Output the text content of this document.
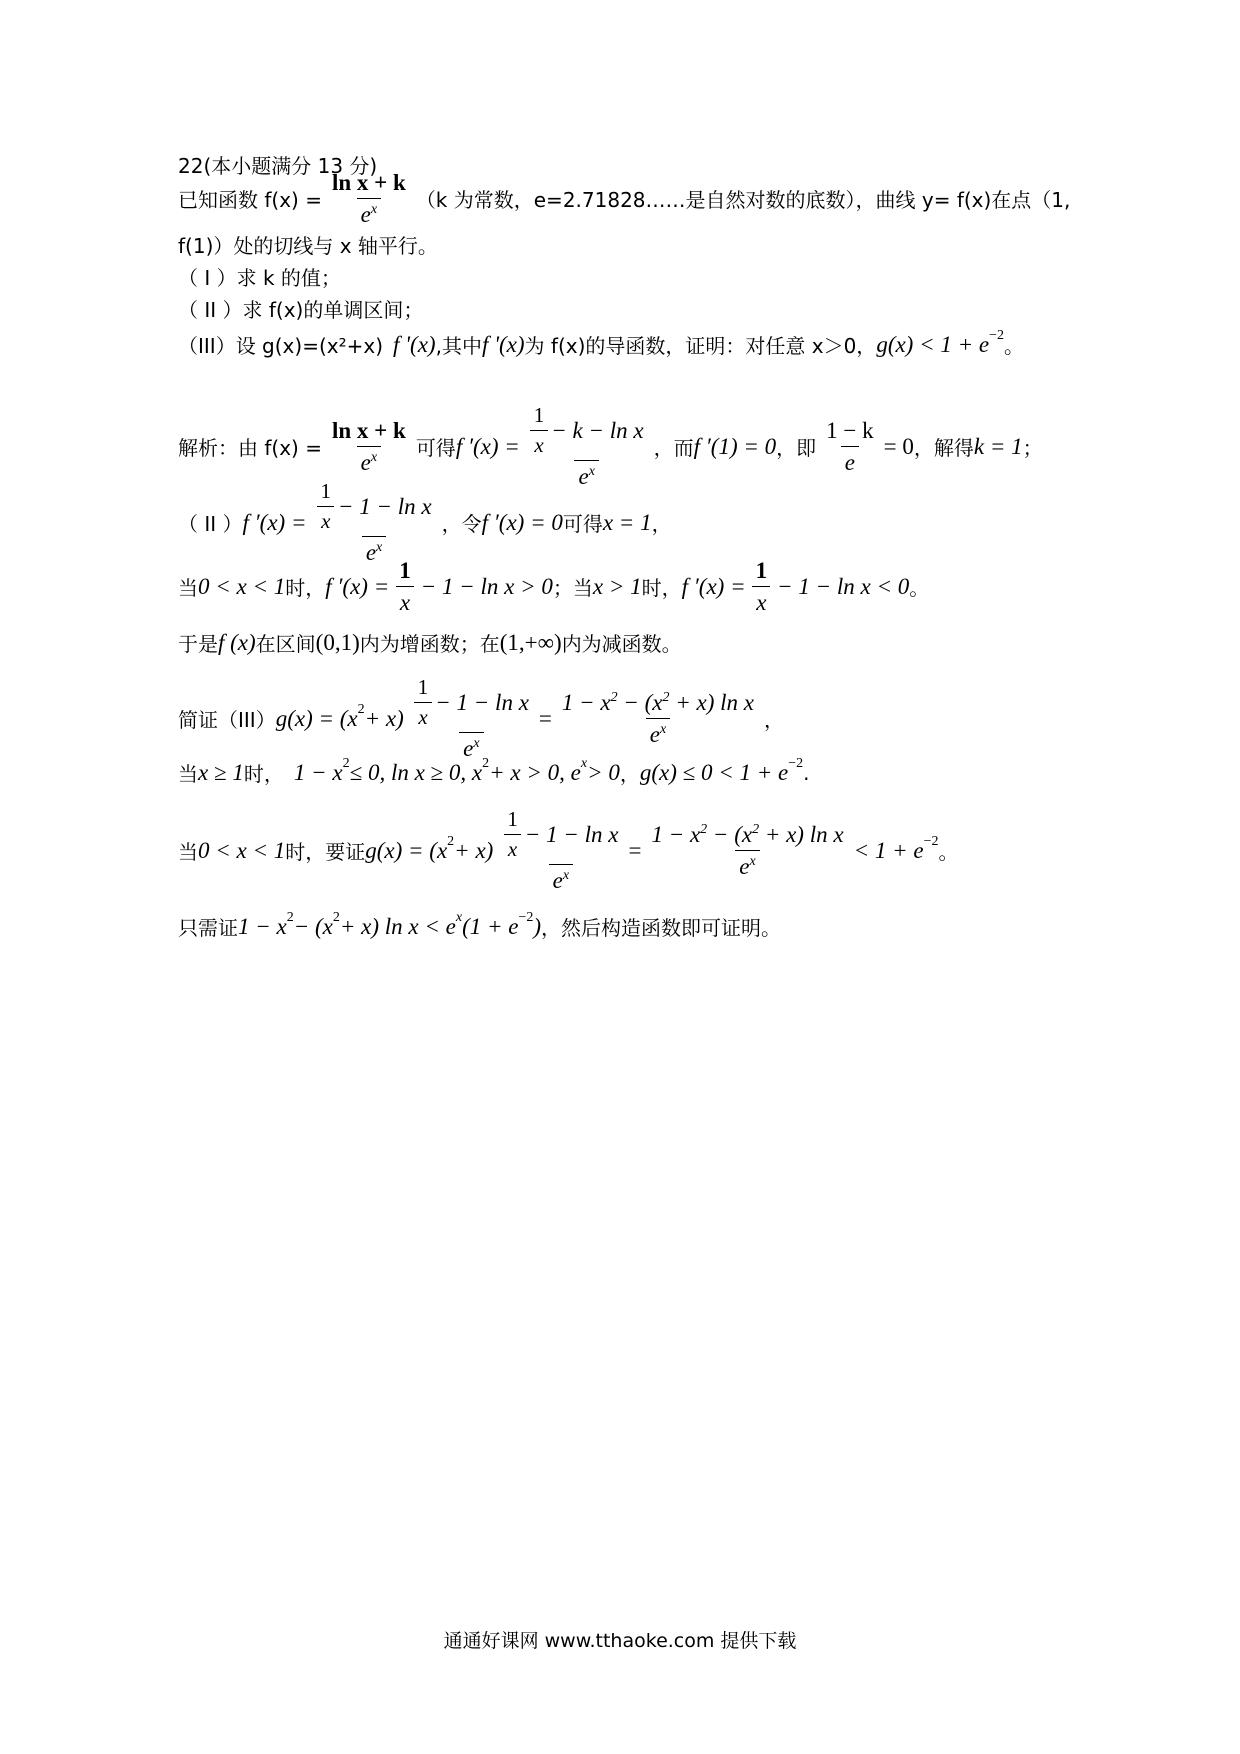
22(本小题满分 13 分)
已知函数 $f(x) = \frac{\text{ln x + k}}{e^x} (k$ 为常数，e=2.71828……是自然对数的底数），曲线 y= f(x)在点（1,
f(1)）处的切线与 x 轴平行。
（ I ）求 k 的值；
（ II ）求 f(x)的单调区间；
（III）设 g(x)=(x²+x) f '(x) ,其中 f '(x) 为 f(x)的导函数，证明：对任意 x＞0， g(x) < 1 + e −2 。
解析：由 $f(x) = \frac{\text{ln x + k}}{e^x}$ 可得 f $'(x) = \frac{\frac{1}{x} - k - \ln x}{e^x}$ ，而 f ′(1) = 0 ，即 $\frac{1 - k}{e} = 0$ ，解得 k = 1 ；
（ II ） f $'(x) = \frac{\frac{1}{x} - 1 - \ln x}{e^x}$ ，令 f ′(x) = 0 可得 x = 1 ，
当 0 < x < 1 时， f $'(x) = \frac{1}{x} - 1 - \ln x > 0$ ；当 x > 1 时， f $'(x) = \frac{1}{x} - 1 - \ln x < 0$ 。
于是 f (x) 在区间 (0,1) 内为增函数；在 (1,+∞) 内为减函数。
简证（III） g(x) = (x $2 + x) \frac{\frac{1}{x} - 1 - \ln x}{e^x} = \frac{1 - x^2 - (x^2 + x) \ln x}{e^x}$ ，
当 x ≥ 1 时， 1 − x 2 ≤ 0, ln x ≥ 0, x 2 + x > 0, e x > 0 ， g(x) ≤ 0 < 1 + e −2 .
当 0 < x < 1 时，要证 g(x) = (x $2 + x) \frac{\frac{1}{x} - 1 - \ln x}{e^x} = \frac{1 - x^2 - (x^2 + x) \ln x}{e^x} < 1 + e -2$ 。
只需证 1 − x 2 − (x 2 + x) ln x < e x (1 + e −2 ) ，然后构造函数即可证明。
通通好课网 www.tthaoke.com 提供下载
